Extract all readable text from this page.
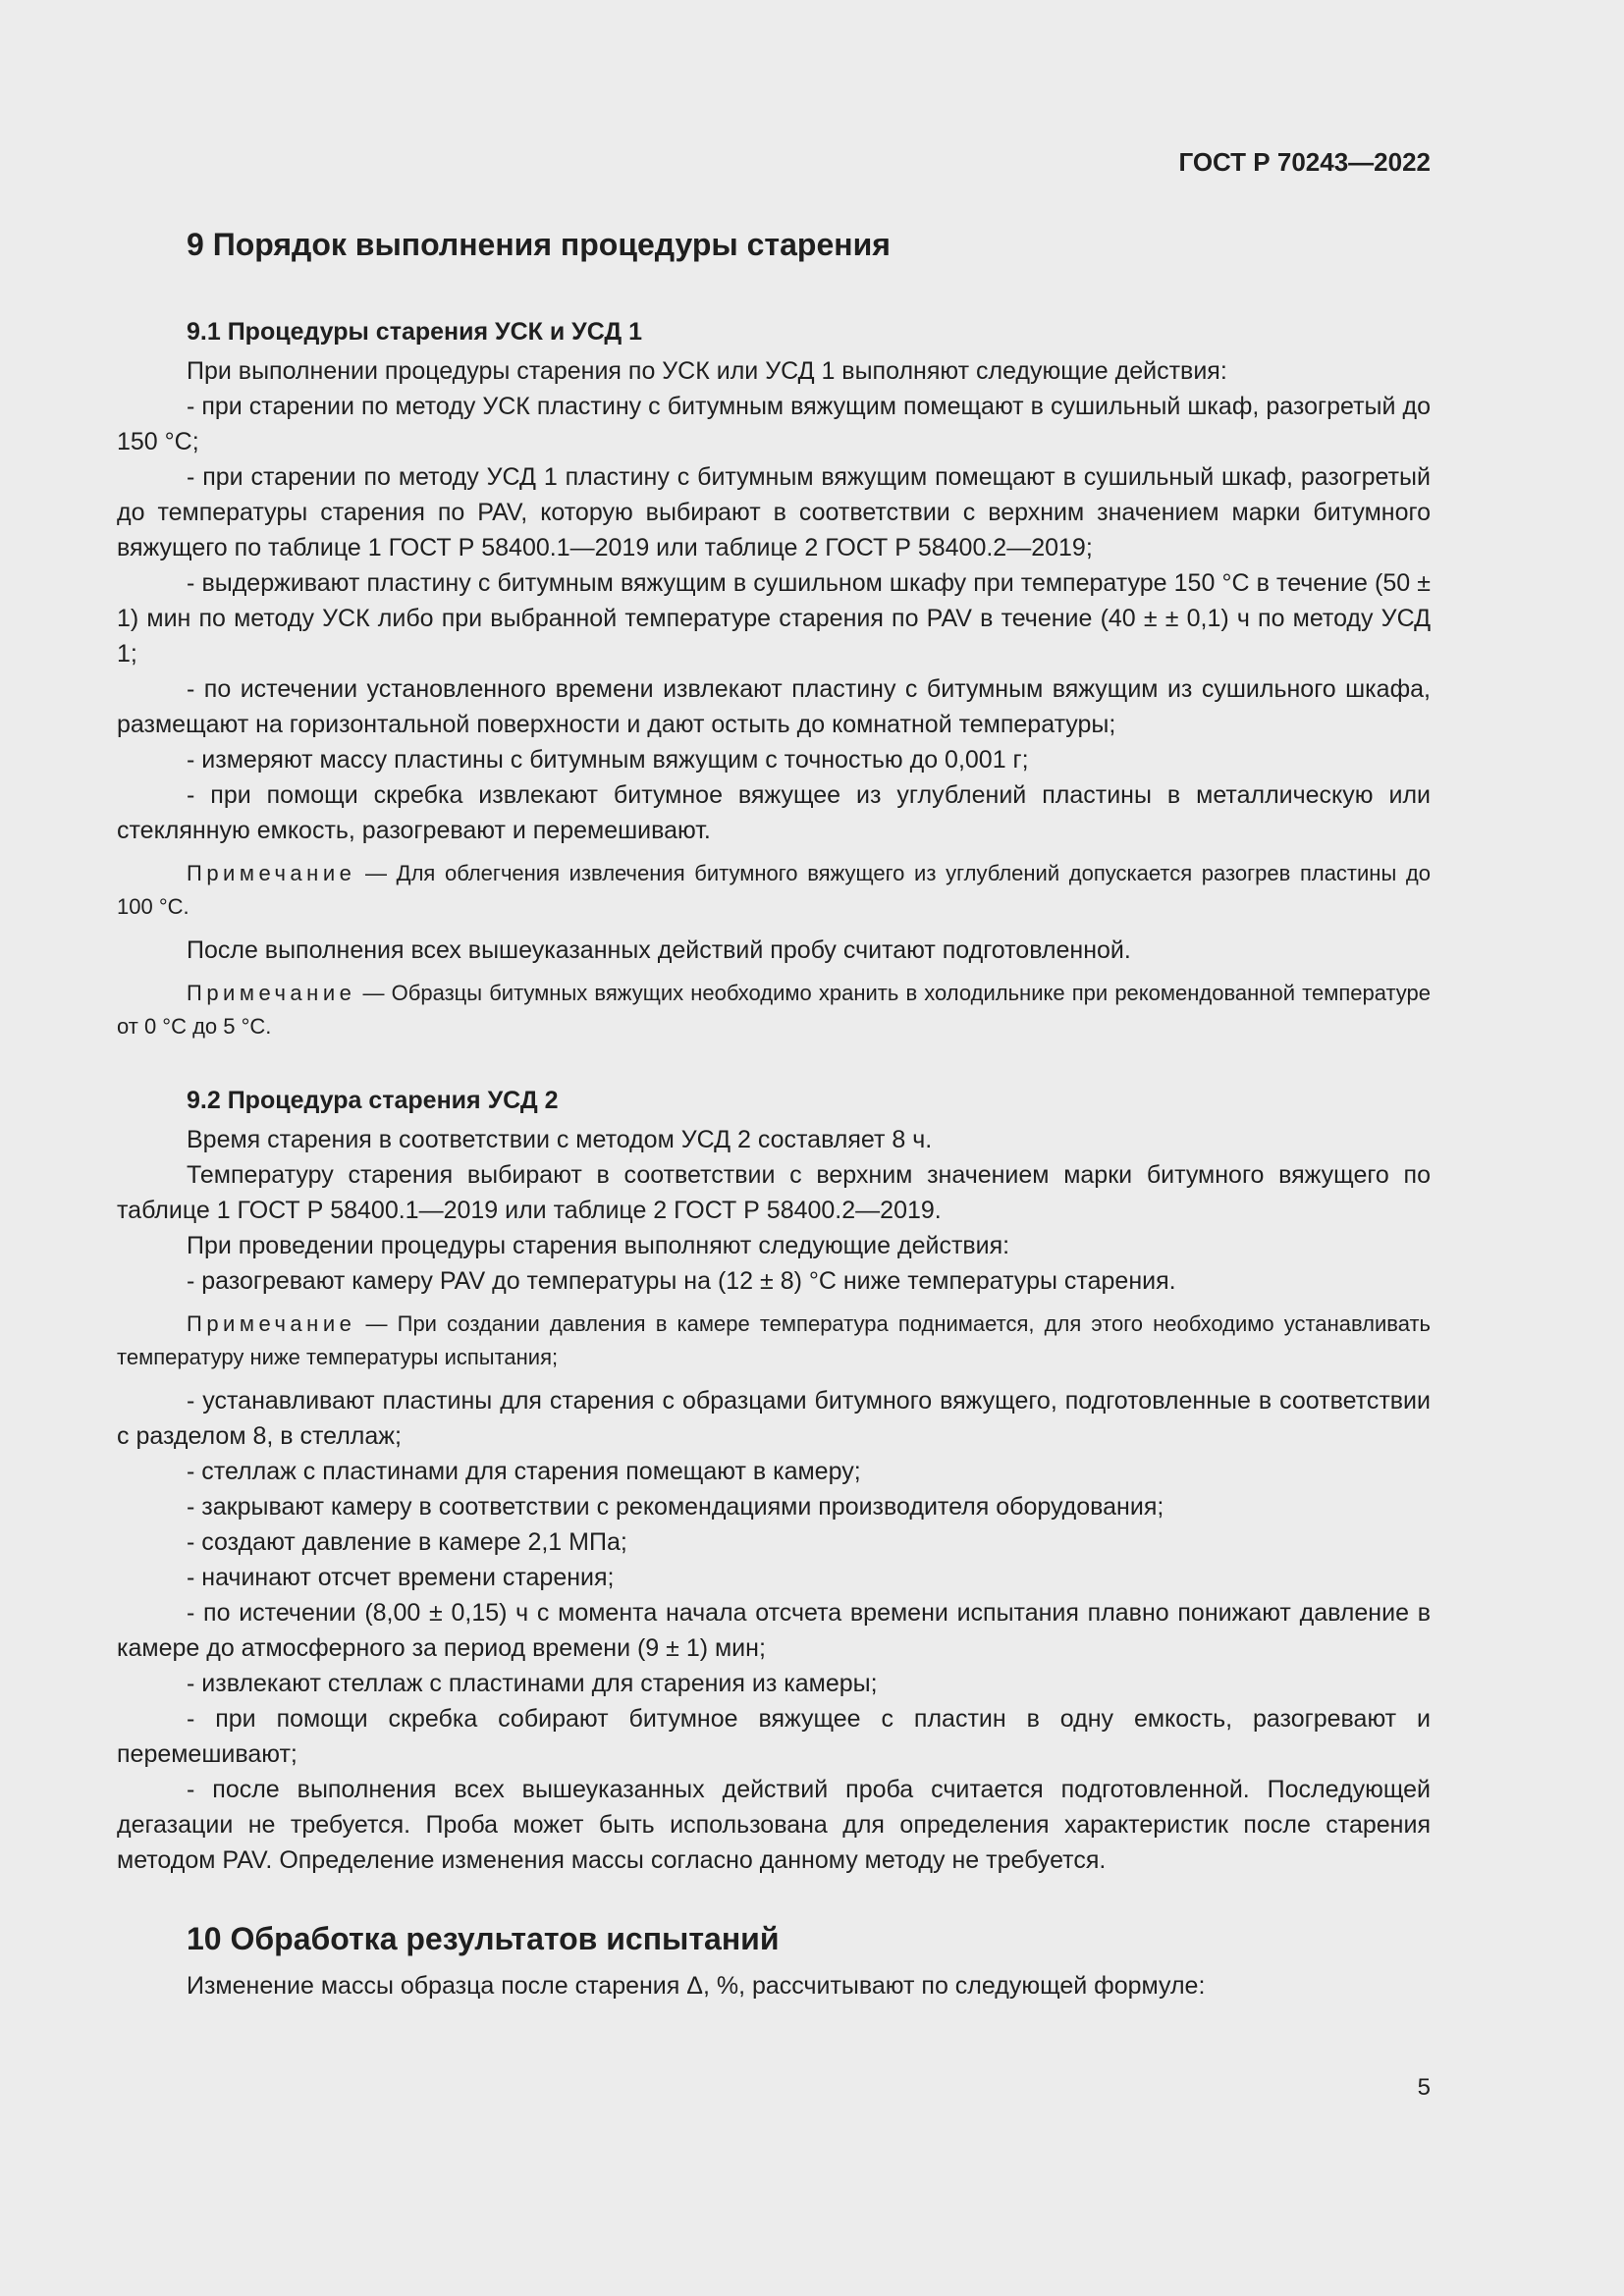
ГОСТ Р 70243—2022
9 Порядок выполнения процедуры старения
9.1 Процедуры старения УСК и УСД 1

При выполнении процедуры старения по УСК или УСД 1 выполняют следующие действия:

- при старении по методу УСК пластину с битумным вяжущим помещают в сушильный шкаф, разогретый до 150 °С;

- при старении по методу УСД 1 пластину с битумным вяжущим помещают в сушильный шкаф, разогретый до температуры старения по PAV, которую выбирают в соответствии с верхним значением марки битумного вяжущего по таблице 1 ГОСТ Р 58400.1—2019 или таблице 2 ГОСТ Р 58400.2—2019;

- выдерживают пластину с битумным вяжущим в сушильном шкафу при температуре 150 °С в течение (50 ± 1) мин по методу УСК либо при выбранной температуре старения по PAV в течение (40 ± ± 0,1) ч по методу УСД 1;

- по истечении установленного времени извлекают пластину с битумным вяжущим из сушильного шкафа, размещают на горизонтальной поверхности и дают остыть до комнатной температуры;

- измеряют массу пластины с битумным вяжущим с точностью до 0,001 г;

- при помощи скребка извлекают битумное вяжущее из углублений пластины в металлическую или стеклянную емкость, разогревают и перемешивают.

Примечание — Для облегчения извлечения битумного вяжущего из углублений допускается разогрев пластины до 100 °С.

После выполнения всех вышеуказанных действий пробу считают подготовленной.

Примечание — Образцы битумных вяжущих необходимо хранить в холодильнике при рекомендованной температуре от 0 °С до 5 °С.

9.2 Процедура старения УСД 2

Время старения в соответствии с методом УСД 2 составляет 8 ч.

Температуру старения выбирают в соответствии с верхним значением марки битумного вяжущего по таблице 1 ГОСТ Р 58400.1—2019 или таблице 2 ГОСТ Р 58400.2—2019.

При проведении процедуры старения выполняют следующие действия:

- разогревают камеру PAV до температуры на (12 ± 8) °С ниже температуры старения.

Примечание — При создании давления в камере температура поднимается, для этого необходимо устанавливать температуру ниже температуры испытания;

- устанавливают пластины для старения с образцами битумного вяжущего, подготовленные в соответствии с разделом 8, в стеллаж;

- стеллаж с пластинами для старения помещают в камеру;

- закрывают камеру в соответствии с рекомендациями производителя оборудования;

- создают давление в камере 2,1 МПа;

- начинают отсчет времени старения;

- по истечении (8,00 ± 0,15) ч с момента начала отсчета времени испытания плавно понижают давление в камере до атмосферного за период времени (9 ± 1) мин;

- извлекают стеллаж с пластинами для старения из камеры;

- при помощи скребка собирают битумное вяжущее с пластин в одну емкость, разогревают и перемешивают;

- после выполнения всех вышеуказанных действий проба считается подготовленной. Последующей дегазации не требуется. Проба может быть использована для определения характеристик после старения методом PAV. Определение изменения массы согласно данному методу не требуется.

10 Обработка результатов испытаний

Изменение массы образца после старения Δ, %, рассчитывают по следующей формуле:

5
